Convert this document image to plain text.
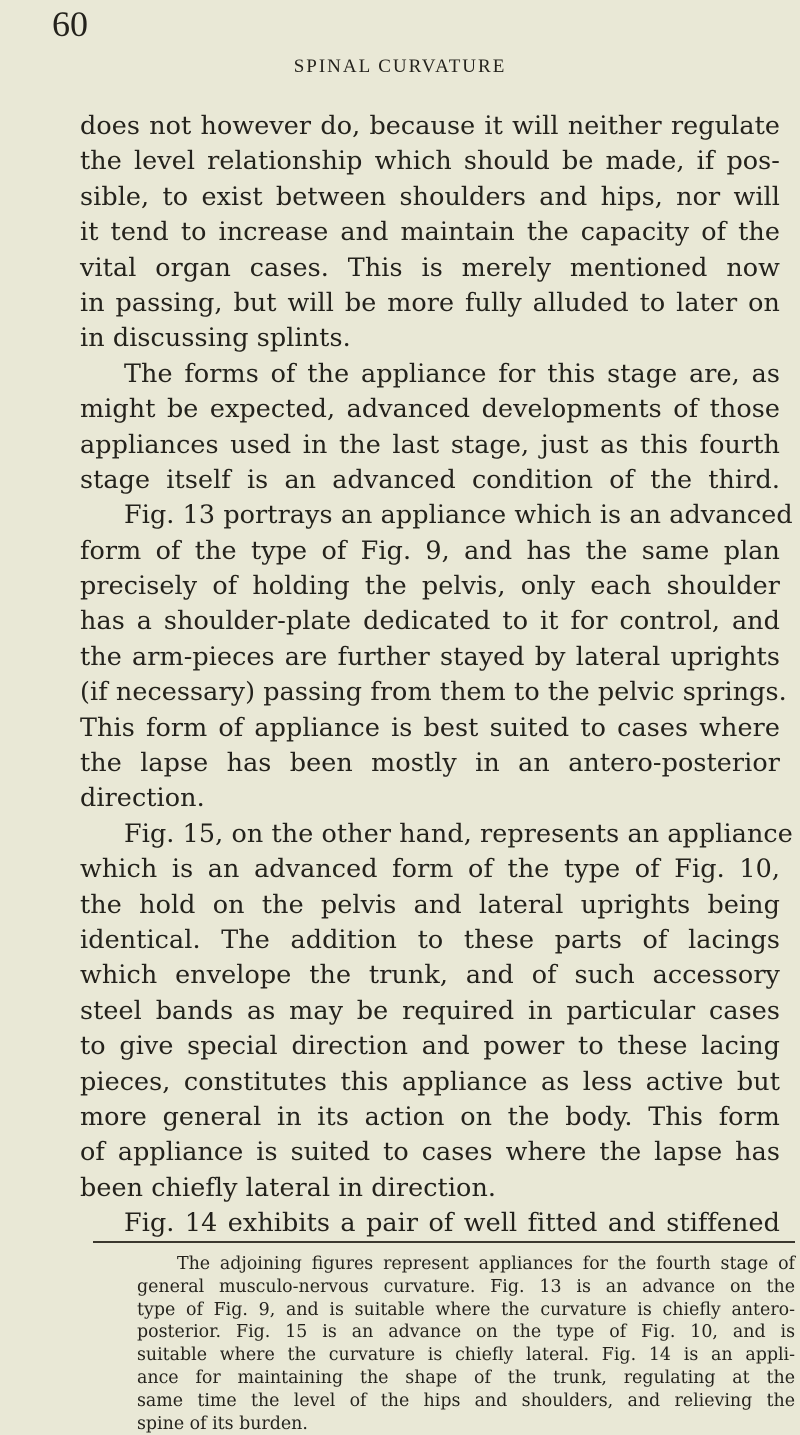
60
SPINAL CURVATURE
does not however do, because it will neither regulate
the level relationship which should be made, if pos-
sible, to exist between shoulders and hips, nor will
it tend to increase and maintain the capacity of the
vital organ cases. This is merely mentioned now
in passing, but will be more fully alluded to later on
in discussing splints.
The forms of the appliance for this stage are, as
might be expected, advanced developments of those
appliances used in the last stage, just as this fourth
stage itself is an advanced condition of the third.
Fig. 13 portrays an appliance which is an advanced
form of the type of Fig. 9, and has the same plan
precisely of holding the pelvis, only each shoulder
has a shoulder-plate dedicated to it for control, and
the arm-pieces are further stayed by lateral uprights
(if necessary) passing from them to the pelvic springs.
This form of appliance is best suited to cases where
the lapse has been mostly in an antero-posterior
direction.
Fig. 15, on the other hand, represents an appliance
which is an advanced form of the type of Fig. 10,
the hold on the pelvis and lateral uprights being
identical. The addition to these parts of lacings
which envelope the trunk, and of such accessory
steel bands as may be required in particular cases
to give special direction and power to these lacing
pieces, constitutes this appliance as less active but
more general in its action on the body. This form
of appliance is suited to cases where the lapse has
been chiefly lateral in direction.
Fig. 14 exhibits a pair of well fitted and stiffened
The adjoining figures represent appliances for the fourth stage of
general musculo-nervous curvature. Fig. 13 is an advance on the
type of Fig. 9, and is suitable where the curvature is chiefly antero-
posterior. Fig. 15 is an advance on the type of Fig. 10, and is
suitable where the curvature is chiefly lateral. Fig. 14 is an appli-
ance for maintaining the shape of the trunk, regulating at the
same time the level of the hips and shoulders, and relieving the
spine of its burden.
